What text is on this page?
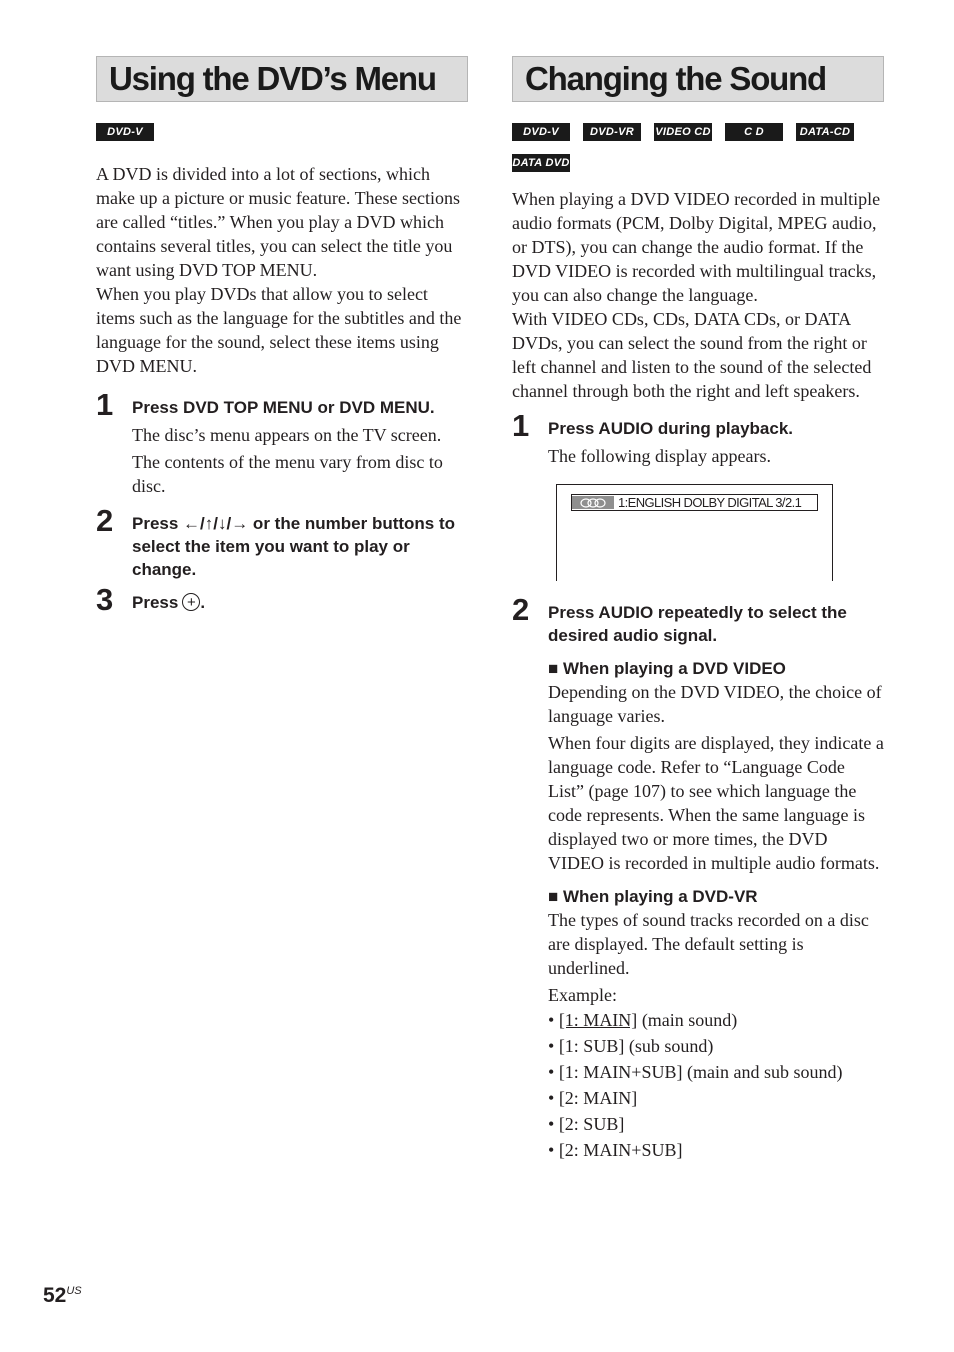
Using the DVD’s Menu
DVD-V

A DVD is divided into a lot of sections, which make up a picture or music feature. These sections are called “titles.” When you play a DVD which contains several titles, you can select the title you want using DVD TOP MENU.

When you play DVDs that allow you to select items such as the language for the subtitles and the language for the sound, select these items using DVD MENU.

1 Press DVD TOP MENU or DVD MENU.

The disc’s menu appears on the TV screen.

The contents of the menu vary from disc to disc.

2 Press ←/↑/↓/→ or the number buttons to select the item you want to play or change.

3 Press+ .

Changing the Sound
DVD-V	DVD-VR	VIDEO CD	C D	DATA-CD
DATA DVD

When playing a DVD VIDEO recorded in multiple audio formats (PCM, Dolby Digital, MPEG audio, or DTS), you can change the audio format. If the DVD VIDEO is recorded with multilingual tracks, you can also change the language.

With VIDEO CDs, CDs, DATA CDs, or DATA DVDs, you can select the sound from the right or left channel and listen to the sound of the selected channel through both the right and left speakers.

1 Press AUDIO during playback.

The following display appears.

1:ENGLISH DOLBY DIGITAL 3/2.1
2 Press AUDIO repeatedly to select the desired audio signal.

■ When playing a DVD VIDEO

Depending on the DVD VIDEO, the choice of language varies.

When four digits are displayed, they indicate a language code. Refer to “Language Code List” (page 107) to see which language the code represents. When the same language is displayed two or more times, the DVD VIDEO is recorded in multiple audio formats.

■ When playing a DVD-VR

The types of sound tracks recorded on a disc are displayed. The default setting is underlined.

Example:

• [1: MAIN] (main sound)
• [1: SUB] (sub sound)
• [1: MAIN+SUB] (main and sub sound)
• [2: MAIN]
• [2: SUB]
• [2: MAIN+SUB]
$52^{US}$
